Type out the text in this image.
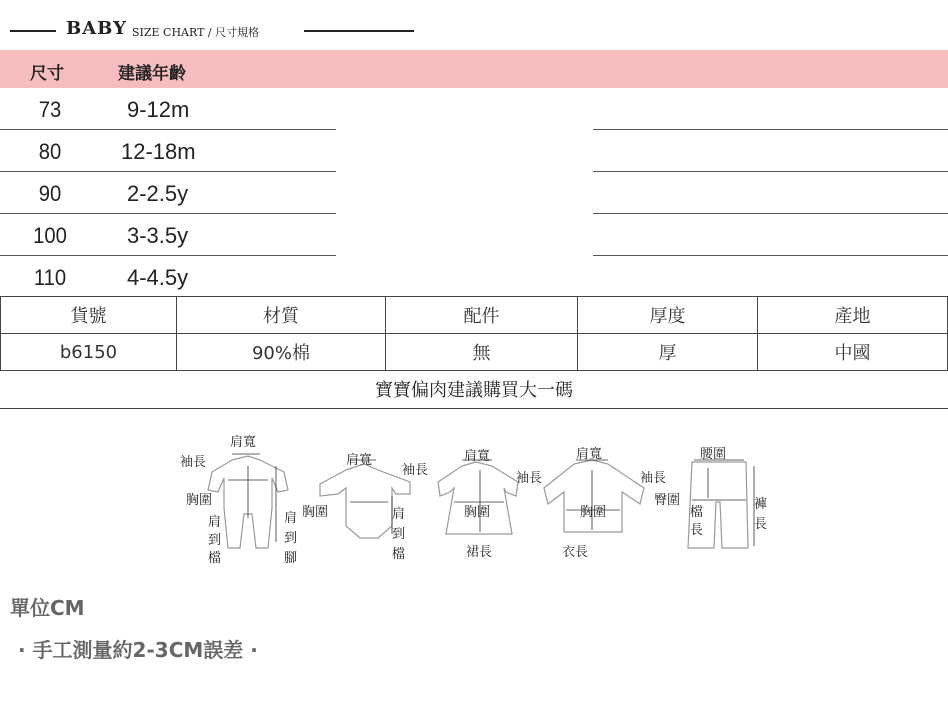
BABY SIZE CHART / 尺寸規格
尺寸	建議年齡
73	9-12m
80	12-18m
90	2-2.5y
100	3-3.5y
110	4-4.5y
貨號	材質	配件	厚度	產地
b6150	90%棉	無	厚	中國
寶寶偏肉建議購買大一碼
肩寬
袖長
胸圍
肩
到
檔
肩
到
腳
肩寬
袖長
胸圍	肩
到
檔
肩寬
袖長
胸圍
裙長
肩寬
袖長
胸圍
衣長
腰圍
臀圍
檔
長
褲
長
單位CM
· 手工測量約2-3CM誤差 ·
